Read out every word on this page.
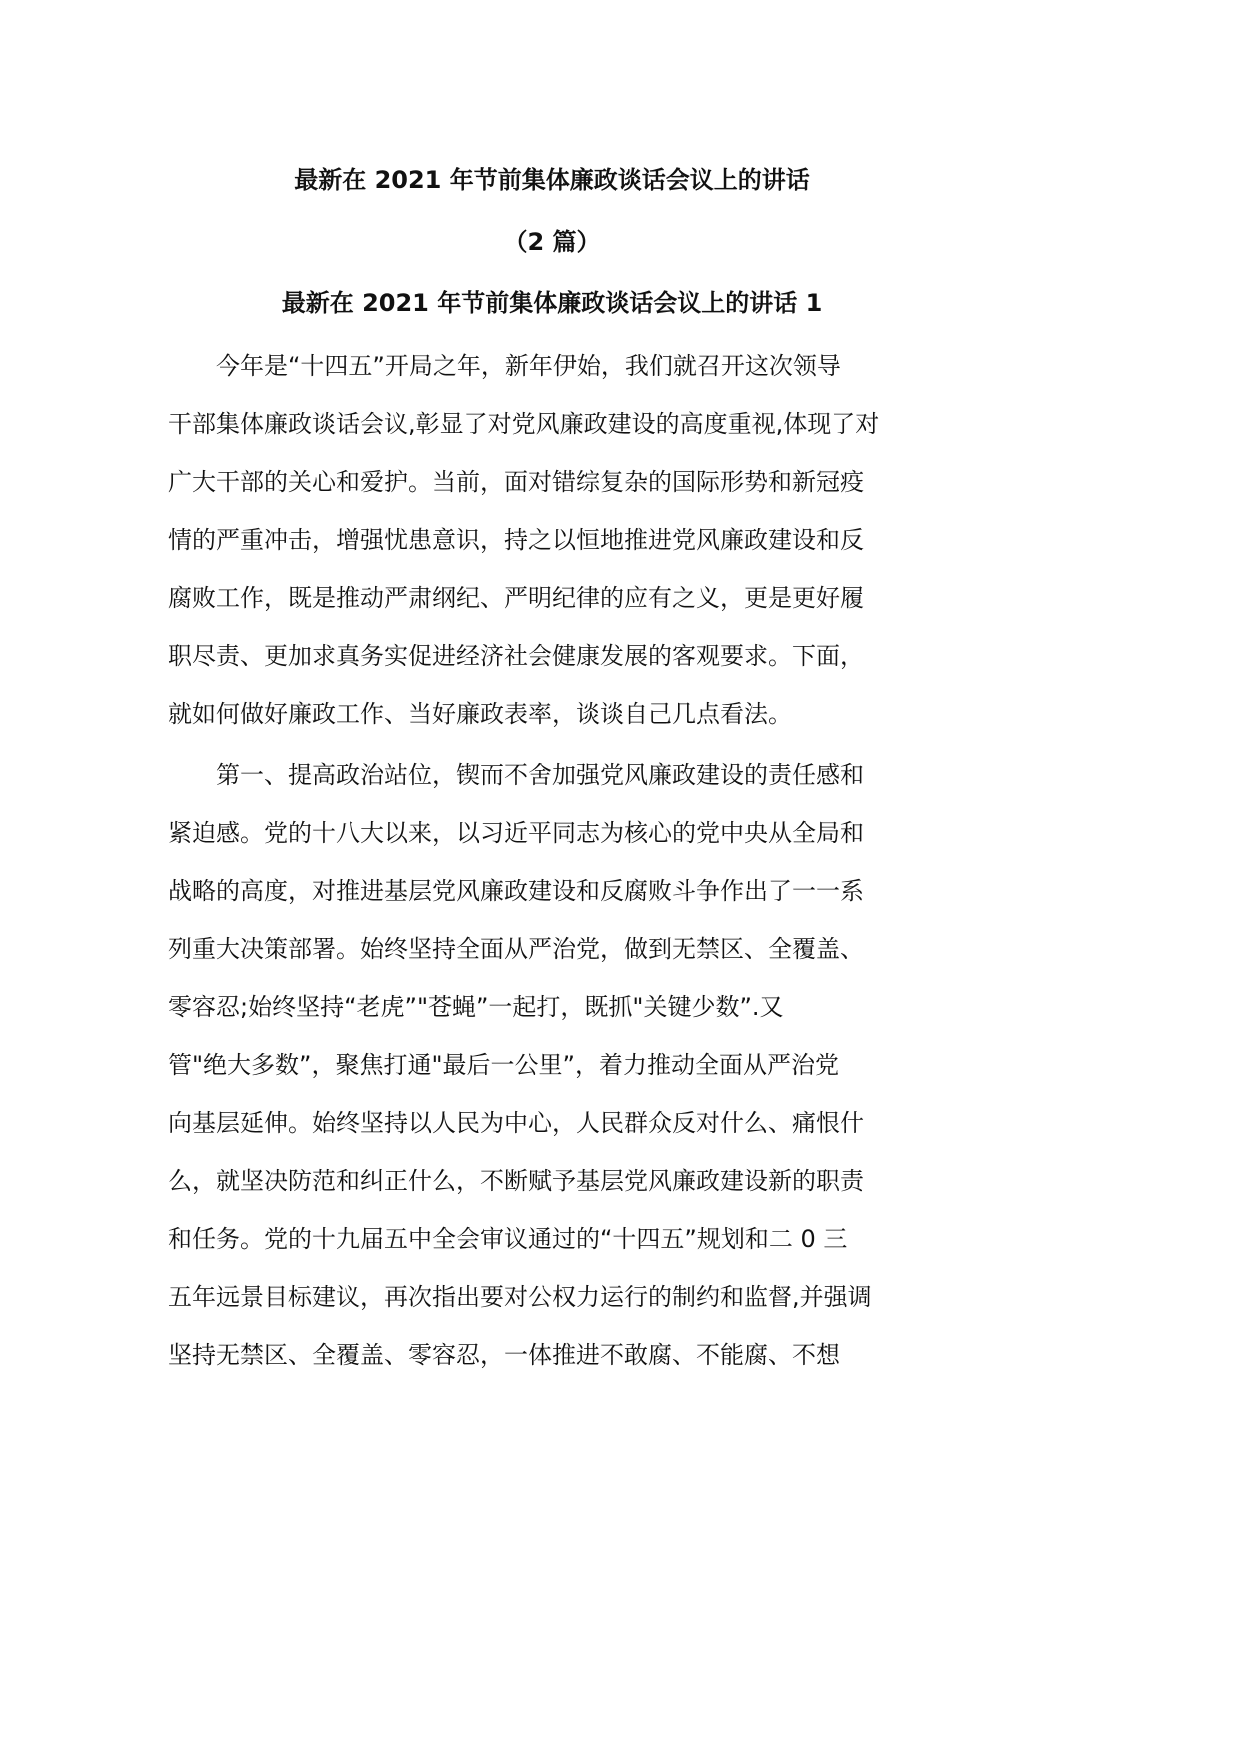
最新在 2021 年节前集体廉政谈话会议上的讲话
（2 篇）
最新在 2021 年节前集体廉政谈话会议上的讲话 1
今年是“十四五”开局之年，新年伊始，我们就召开这次领导
干部集体廉政谈话会议,彰显了对党风廉政建设的高度重视,体现了对
广大干部的关心和爱护。当前，面对错综复杂的国际形势和新冠疫
情的严重冲击，增强忧患意识，持之以恒地推进党风廉政建设和反
腐败工作，既是推动严肃纲纪、严明纪律的应有之义，更是更好履
职尽责、更加求真务实促进经济社会健康发展的客观要求。下面，
就如何做好廉政工作、当好廉政表率，谈谈自己几点看法。
第一、提高政治站位，锲而不舍加强党风廉政建设的责任感和
紧迫感。党的十八大以来，以习近平同志为核心的党中央从全局和
战略的高度，对推进基层党风廉政建设和反腐败斗争作出了一一系
列重大决策部署。始终坚持全面从严治党，做到无禁区、全覆盖、
零容忍;始终坚持“老虎”"苍蝇”一起打，既抓"关键少数”.又
管"绝大多数”，聚焦打通"最后一公里”，着力推动全面从严治党
向基层延伸。始终坚持以人民为中心，人民群众反对什么、痛恨什
么，就坚决防范和纠正什么，不断赋予基层党风廉政建设新的职责
和任务。党的十九届五中全会审议通过的“十四五”规划和二 0 三
五年远景目标建议，再次指出要对公权力运行的制约和监督,并强调
坚持无禁区、全覆盖、零容忍，一体推进不敢腐、不能腐、不想
